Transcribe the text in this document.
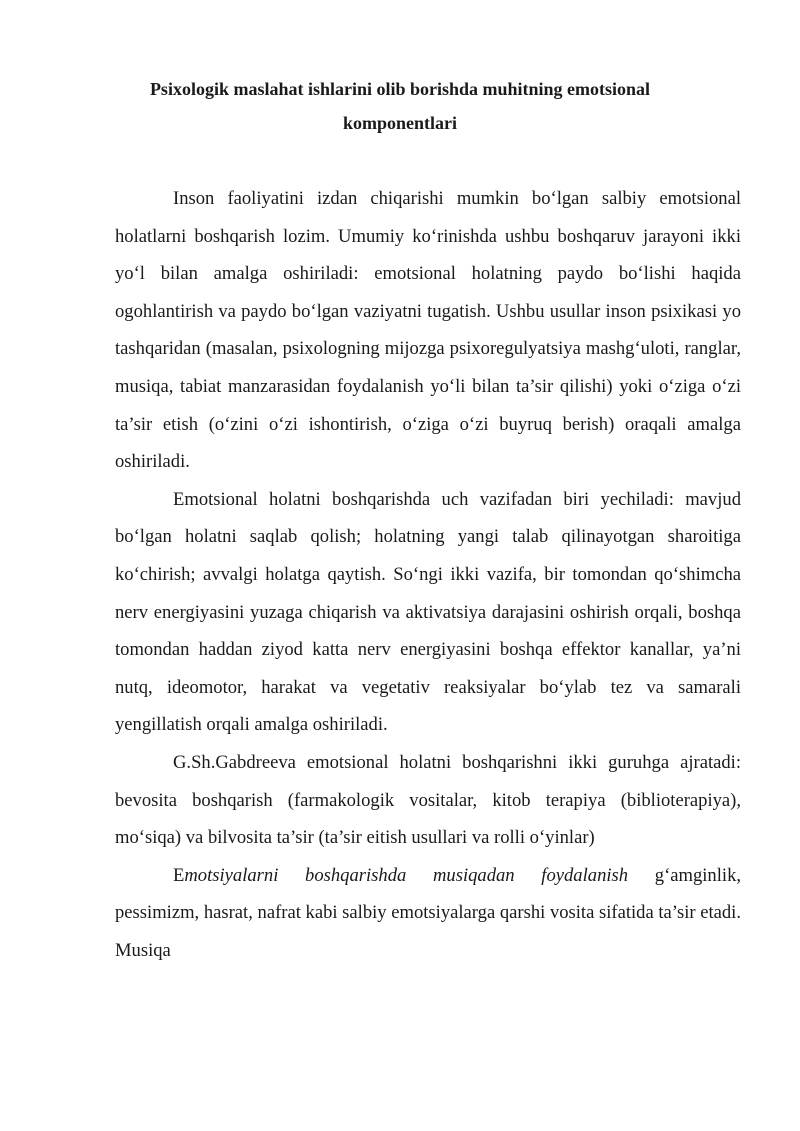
Psixologik maslahat ishlarini olib borishda muhitning emotsional
komponentlari

Inson faoliyatini izdan chiqarishi mumkin bo‘lgan salbiy emotsional holatlarni boshqarish lozim. Umumiy ko‘rinishda ushbu boshqaruv jarayoni ikki yo‘l bilan amalga oshiriladi: emotsional holatning paydo bo‘lishi haqida ogohlantirish va paydo bo‘lgan vaziyatni tugatish. Ushbu usullar inson psixikasi yo tashqaridan (masalan, psixologning mijozga psixoregulyatsiya mashg‘uloti, ranglar, musiqa, tabiat manzarasidan foydalanish yo‘li bilan ta’sir qilishi) yoki o‘ziga o‘zi ta’sir etish (o‘zini o‘zi ishontirish, o‘ziga o‘zi buyruq berish) oraqali amalga oshiriladi.

Emotsional holatni boshqarishda uch vazifadan biri yechiladi: mavjud bo‘lgan holatni saqlab qolish; holatning yangi talab qilinayotgan sharoitiga ko‘chirish; avvalgi holatga qaytish. So‘ngi ikki vazifa, bir tomondan qo‘shimcha nerv energiyasini yuzaga chiqarish va aktivatsiya darajasini oshirish orqali, boshqa tomondan haddan ziyod katta nerv energiyasini boshqa effektor kanallar, ya’ni nutq, ideomotor, harakat va vegetativ reaksiyalar bo‘ylab tez va samarali yengillatish orqali amalga oshiriladi.

G.Sh.Gabdreeva emotsional holatni boshqarishni ikki guruhga ajratadi: bevosita boshqarish (farmakologik vositalar, kitob terapiya (biblioterapiya), mo‘siqa) va bilvosita ta’sir (ta’sir eitish usullari va rolli o‘yinlar)

Emotsiyalarni boshqarishda musiqadan foydalanish g‘amginlik, pessimizm, hasrat, nafrat kabi salbiy emotsiyalarga qarshi vosita sifatida ta’sir etadi. Musiqa
